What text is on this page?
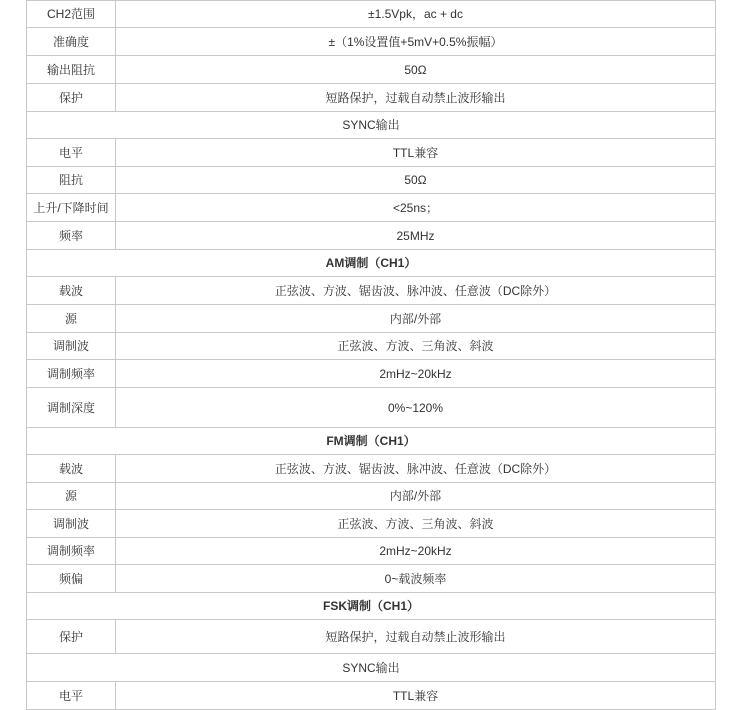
CH2范围	±1.5Vpk，ac + dc
准确度	±（1%设置值+5mV+0.5%振幅）
输出阻抗	50Ω
保护	短路保护，过载自动禁止波形输出
SYNC输出	
电平	TTL兼容
阻抗	50Ω
上升/下降时间	<25ns；
频率	25MHz
AM调制（CH1）	
载波	正弦波、方波、锯齿波、脉冲波、任意波（DC除外）
源	内部/外部
调制波	正弦波、方波、三角波、斜波
调制频率	2mHz~20kHz
调制深度	0%~120%
FM调制（CH1）	
载波	正弦波、方波、锯齿波、脉冲波、任意波（DC除外）
源	内部/外部
调制波	正弦波、方波、三角波、斜波
调制频率	2mHz~20kHz
频偏	0~载波频率
FSK调制（CH1）	
保护	短路保护，过载自动禁止波形输出
SYNC输出	
电平	TTL兼容
